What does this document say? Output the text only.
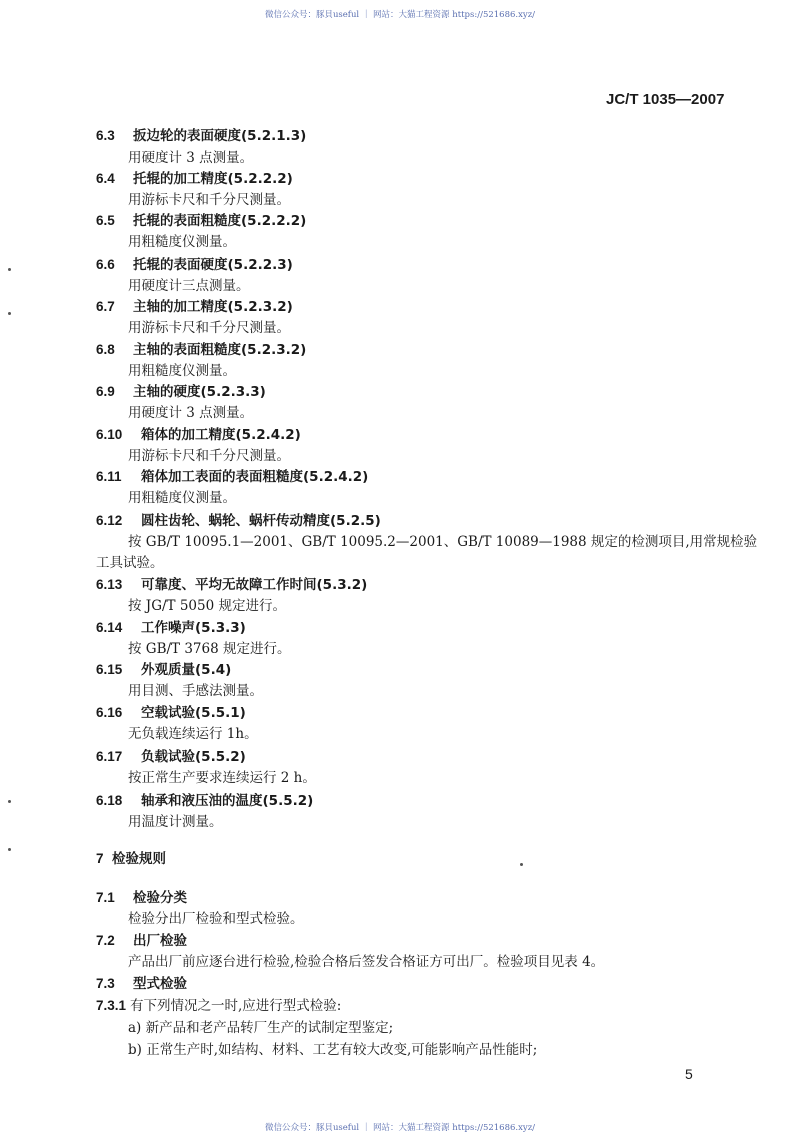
微信公众号：豚貝useful ｜ 网站：大猫工程资源 https://521686.xyz/
JC/T 1035—2007
6.3 扳边轮的表面硬度(5.2.1.3)
用硬度计 3 点测量。
6.4 托辊的加工精度(5.2.2.2)
用游标卡尺和千分尺测量。
6.5 托辊的表面粗糙度(5.2.2.2)
用粗糙度仪测量。
6.6 托辊的表面硬度(5.2.2.3)
用硬度计三点测量。
6.7 主轴的加工精度(5.2.3.2)
用游标卡尺和千分尺测量。
6.8 主轴的表面粗糙度(5.2.3.2)
用粗糙度仪测量。
6.9 主轴的硬度(5.2.3.3)
用硬度计 3 点测量。
6.10 箱体的加工精度(5.2.4.2)
用游标卡尺和千分尺测量。
6.11 箱体加工表面的表面粗糙度(5.2.4.2)
用粗糙度仪测量。
6.12 圆柱齿轮、蜗轮、蜗杆传动精度(5.2.5)
按 GB/T 10095.1—2001、GB/T 10095.2—2001、GB/T 10089—1988 规定的检测项目,用常规检验
工具试验。
6.13 可靠度、平均无故障工作时间(5.3.2)
按 JG/T 5050 规定进行。
6.14 工作噪声(5.3.3)
按 GB/T 3768 规定进行。
6.15 外观质量(5.4)
用目测、手感法测量。
6.16 空载试验(5.5.1)
无负载连续运行 1h。
6.17 负载试验(5.5.2)
按正常生产要求连续运行 2 h。
6.18 轴承和液压油的温度(5.5.2)
用温度计测量。
7 检验规则
7.1 检验分类
检验分出厂检验和型式检验。
7.2 出厂检验
产品出厂前应逐台进行检验,检验合格后签发合格证方可出厂。检验项目见表 4。
7.3 型式检验
7.3.1 有下列情况之一时,应进行型式检验:
a) 新产品和老产品转厂生产的试制定型鉴定;
b) 正常生产时,如结构、材料、工艺有较大改变,可能影响产品性能时;
5
微信公众号：豚貝useful ｜ 网站：大猫工程资源 https://521686.xyz/
